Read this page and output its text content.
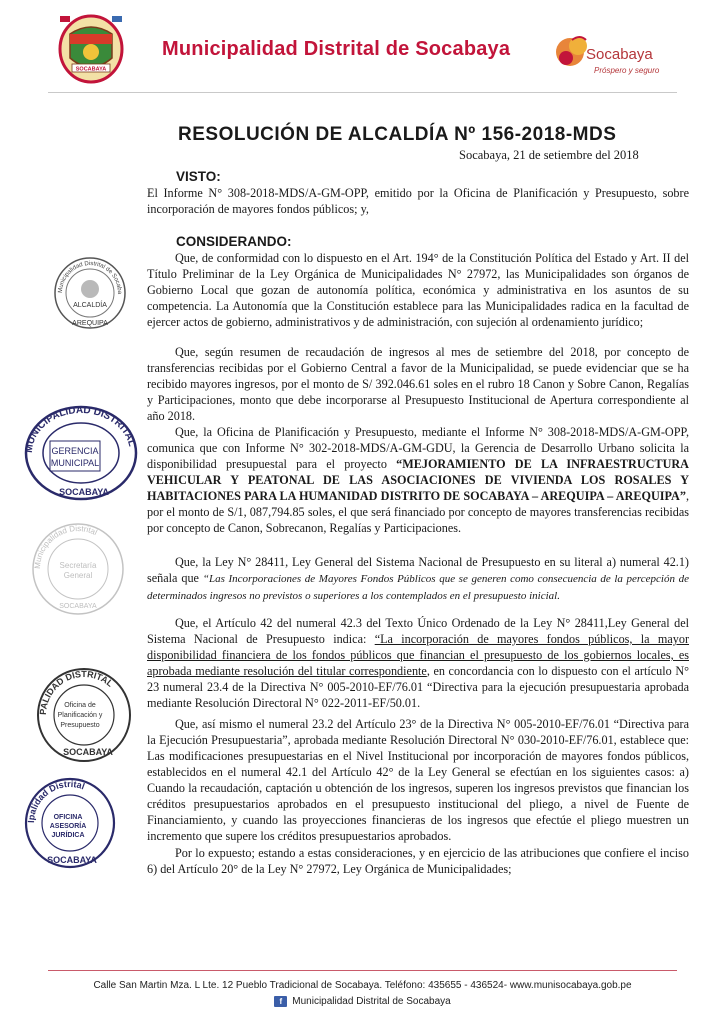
SOCABAYA
Municipalidad Distrital de Socabaya	Socabaya
Próspero y seguro
RESOLUCIÓN DE ALCALDÍA Nº 156-2018-MDS
Socabaya, 21 de setiembre del 2018
VISTO:
El Informe N° 308-2018-MDS/A-GM-OPP, emitido por la Oficina de Planificación y Presupuesto, sobre incorporación de mayores fondos públicos; y,
CONSIDERANDO:
Que, de conformidad con lo dispuesto en el Art. 194° de la Constitución Política del Estado y Art. II del Título Preliminar de la Ley Orgánica de Municipalidades N° 27972, las Municipalidades son órganos de Gobierno Local que gozan de autonomía política, económica y administrativa en los asuntos de su competencia. La Autonomía que la Constitución establece para las Municipalidades radica en la facultad de ejercer actos de gobierno, administrativos y de administración, con sujeción al ordenamiento jurídico;
Que, según resumen de recaudación de ingresos al mes de setiembre del 2018, por concepto de transferencias recibidas por el Gobierno Central a favor de la Municipalidad, se puede evidenciar que se ha recibido mayores ingresos, por el monto de S/ 392.046.61 soles en el rubro 18 Canon y Sobre Canon, Regalías y Participaciones, monto que debe incorporarse al Presupuesto Institucional de Apertura correspondiente al año 2018.
Que, la Oficina de Planificación y Presupuesto, mediante el Informe N° 308-2018-MDS/A-GM-OPP, comunica que con Informe N° 302-2018-MDS/A-GM-GDU, la Gerencia de Desarrollo Urbano solicita la disponibilidad presupuestal para el proyecto “MEJORAMIENTO DE LA INFRAESTRUCTURA VEHICULAR Y PEATONAL DE LAS ASOCIACIONES DE VIVIENDA LOS ROSALES Y HABITACIONES PARA LA HUMANIDAD DISTRITO DE SOCABAYA – AREQUIPA – AREQUIPA”, por el monto de S/1, 087,794.85 soles, el que será financiado por concepto de mayores transferencias recibidas por concepto de Canon, Sobrecanon, Regalías y Participaciones.
Que, la Ley N° 28411, Ley General del Sistema Nacional de Presupuesto en su literal a) numeral 42.1) señala que “Las Incorporaciones de Mayores Fondos Públicos que se generen como consecuencia de la percepción de determinados ingresos no previstos o superiores a los contemplados en el presupuesto inicial.
Que, el Artículo 42 del numeral 42.3 del Texto Único Ordenado de la Ley N° 28411,Ley General del Sistema Nacional de Presupuesto indica: “La incorporación de mayores fondos públicos, la mayor disponibilidad financiera de los fondos públicos que financian el presupuesto de los gobiernos locales, es aprobada mediante resolución del titular correspondiente, en concordancia con lo dispuesto con el artículo N° 23 numeral 23.4 de la Directiva N° 005-2010-EF/76.01 “Directiva para la ejecución presupuestaria aprobada mediante Resolución Directoral N° 022-2011-EF/50.01.
Que, así mismo el numeral 23.2 del Artículo 23° de la Directiva N° 005-2010-EF/76.01 “Directiva para la Ejecución Presupuestaria”, aprobada mediante Resolución Directoral N° 030-2010-EF/76.01, establece que: Las modificaciones presupuestarias en el Nivel Institucional por incorporación de mayores fondos públicos, establecidos en el numeral 42.1 del Artículo 42° de la Ley General se efectúan en los siguientes casos: a) Cuando la recaudación, captación u obtención de los ingresos, superen los ingresos previstos que financian los créditos presupuestarios aprobados en el presupuesto institucional del pliego, a nivel de Fuente de Financiamiento, y cuando las proyecciones financieras de los ingresos que efectúe el pliego muestren un incremento que supere los créditos presupuestarios aprobados.
Por lo expuesto; estando a estas consideraciones, y en ejercicio de las atribuciones que confiere el inciso 6) del Artículo 20° de la Ley N° 27972, Ley Orgánica de Municipalidades;
Municipalidad Distrital de Socaba
ALCALDÍA
AREQUIPA
MUNICIPALIDAD DISTRITAL
GERENCIA
MUNICIPAL
SOCABAYA
Municipalidad Distrital
Secretaría
General
SOCABAYA
PALIDAD DISTRITAL
Oficina de
Planificación y
Presupuesto
SOCABAYA
Ipalidad Distrital
OFICINA
ASESORÍA
JURÍDICA
SOCABAYA
Calle San Martin Mza. L Lte. 12 Pueblo Tradicional de Socabaya. Teléfono: 435655 - 436524- www.munisocabaya.gob.pe
f	Municipalidad Distrital de Socabaya
